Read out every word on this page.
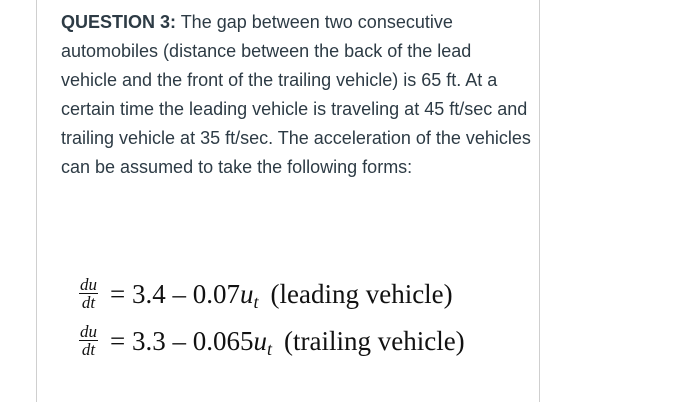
QUESTION 3: The gap between two consecutive automobiles (distance between the back of the lead vehicle and the front of the trailing vehicle) is 65 ft. At a certain time the leading vehicle is traveling at 45 ft/sec and trailing vehicle at 35 ft/sec. The acceleration of the vehicles can be assumed to take the following forms:
$\frac{du}{dt} = 3.4 - 0.07$ u t (leading vehicle)
$\frac{du}{dt} = 3.3 - 0.065$ u t (trailing vehicle)
